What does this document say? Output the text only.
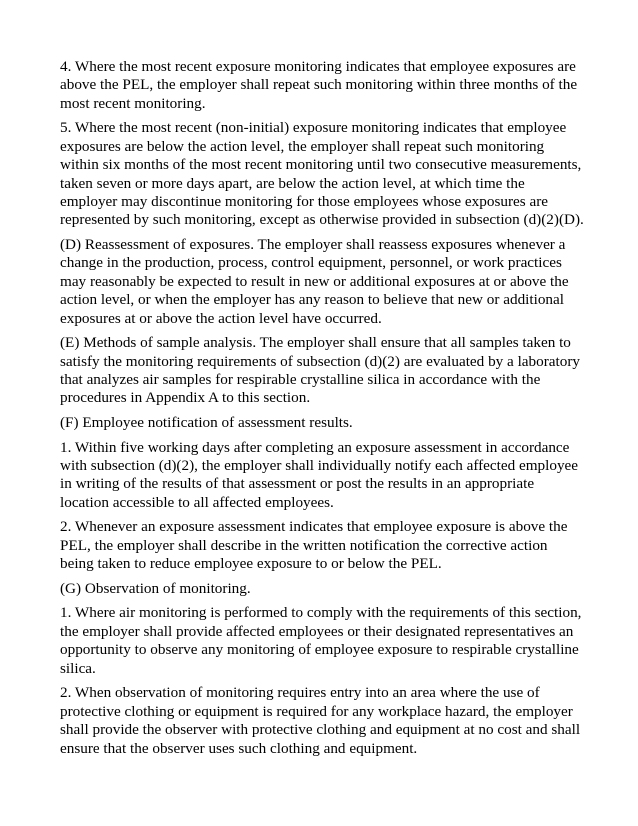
4. Where the most recent exposure monitoring indicates that employee exposures are above the PEL, the employer shall repeat such monitoring within three months of the most recent monitoring.

5. Where the most recent (non-initial) exposure monitoring indicates that employee exposures are below the action level, the employer shall repeat such monitoring within six months of the most recent monitoring until two consecutive measurements, taken seven or more days apart, are below the action level, at which time the employer may discontinue monitoring for those employees whose exposures are represented by such monitoring, except as otherwise provided in subsection (d)(2)(D).

(D) Reassessment of exposures. The employer shall reassess exposures whenever a change in the production, process, control equipment, personnel, or work practices may reasonably be expected to result in new or additional exposures at or above the action level, or when the employer has any reason to believe that new or additional exposures at or above the action level have occurred.

(E) Methods of sample analysis. The employer shall ensure that all samples taken to satisfy the monitoring requirements of subsection (d)(2) are evaluated by a laboratory that analyzes air samples for respirable crystalline silica in accordance with the procedures in Appendix A to this section.

(F) Employee notification of assessment results.

1. Within five working days after completing an exposure assessment in accordance with subsection (d)(2), the employer shall individually notify each affected employee in writing of the results of that assessment or post the results in an appropriate location accessible to all affected employees.

2. Whenever an exposure assessment indicates that employee exposure is above the PEL, the employer shall describe in the written notification the corrective action being taken to reduce employee exposure to or below the PEL.

(G) Observation of monitoring.

1. Where air monitoring is performed to comply with the requirements of this section, the employer shall provide affected employees or their designated representatives an opportunity to observe any monitoring of employee exposure to respirable crystalline silica.

2. When observation of monitoring requires entry into an area where the use of protective clothing or equipment is required for any workplace hazard, the employer shall provide the observer with protective clothing and equipment at no cost and shall ensure that the observer uses such clothing and equipment.
